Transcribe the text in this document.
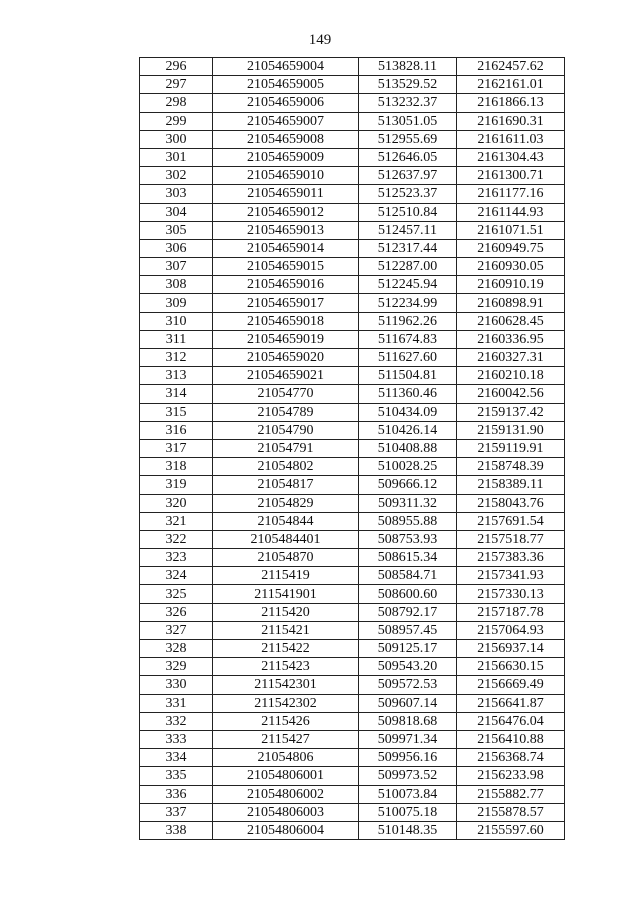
149
296	21054659004	513828.11	2162457.62
297	21054659005	513529.52	2162161.01
298	21054659006	513232.37	2161866.13
299	21054659007	513051.05	2161690.31
300	21054659008	512955.69	2161611.03
301	21054659009	512646.05	2161304.43
302	21054659010	512637.97	2161300.71
303	21054659011	512523.37	2161177.16
304	21054659012	512510.84	2161144.93
305	21054659013	512457.11	2161071.51
306	21054659014	512317.44	2160949.75
307	21054659015	512287.00	2160930.05
308	21054659016	512245.94	2160910.19
309	21054659017	512234.99	2160898.91
310	21054659018	511962.26	2160628.45
311	21054659019	511674.83	2160336.95
312	21054659020	511627.60	2160327.31
313	21054659021	511504.81	2160210.18
314	21054770	511360.46	2160042.56
315	21054789	510434.09	2159137.42
316	21054790	510426.14	2159131.90
317	21054791	510408.88	2159119.91
318	21054802	510028.25	2158748.39
319	21054817	509666.12	2158389.11
320	21054829	509311.32	2158043.76
321	21054844	508955.88	2157691.54
322	2105484401	508753.93	2157518.77
323	21054870	508615.34	2157383.36
324	2115419	508584.71	2157341.93
325	211541901	508600.60	2157330.13
326	2115420	508792.17	2157187.78
327	2115421	508957.45	2157064.93
328	2115422	509125.17	2156937.14
329	2115423	509543.20	2156630.15
330	211542301	509572.53	2156669.49
331	211542302	509607.14	2156641.87
332	2115426	509818.68	2156476.04
333	2115427	509971.34	2156410.88
334	21054806	509956.16	2156368.74
335	21054806001	509973.52	2156233.98
336	21054806002	510073.84	2155882.77
337	21054806003	510075.18	2155878.57
338	21054806004	510148.35	2155597.60
